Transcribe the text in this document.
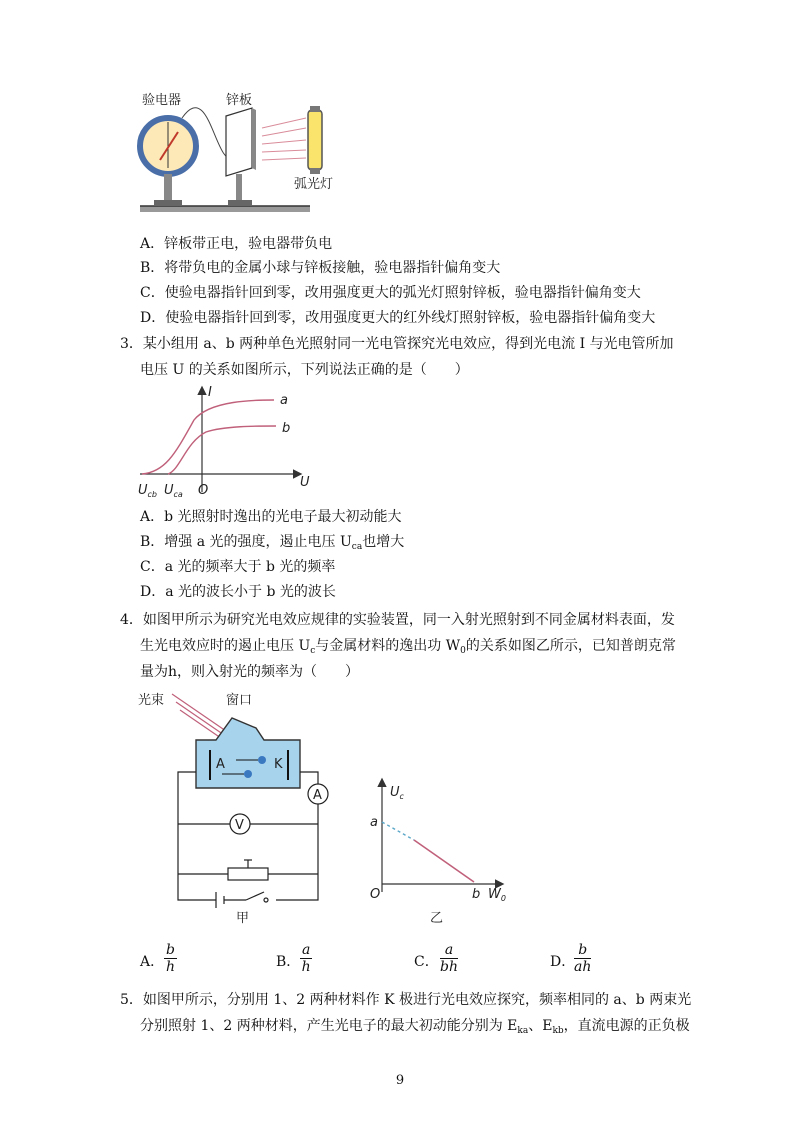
验电器	锌板
弧光灯
A．锌板带正电，验电器带负电
B．将带负电的金属小球与锌板接触，验电器指针偏角变大
C．使验电器指针回到零，改用强度更大的弧光灯照射锌板，验电器指针偏角变大
D．使验电器指针回到零，改用强度更大的红外线灯照射锌板，验电器指针偏角变大
3．某小组用 a、b 两种单色光照射同一光电管探究光电效应，得到光电流 I 与光电管所加
电压 U 的关系如图所示，下列说法正确的是（　　）
I
U
O
a
b
$U_{cb}$ $U_{ca}$
A．b 光照射时逸出的光电子最大初动能大
B．增强 a 光的强度，遏止电压 $U_{ca}$也增大
C．a 光的频率大于 b 光的频率
D．a 光的波长小于 b 光的波长
4．如图甲所示为研究光电效应规律的实验装置，同一入射光照射到不同金属材料表面，发
生光电效应时的遏止电压 $U_c$与金属材料的逸出功 $W_0$的关系如图乙所示，已知普朗克常
量为h，则入射光的频率为（　　）
光束	窗口
A	K
A
V
甲
$U_c$
a
O	b $W_0$
乙
A． $\frac{b}{h}$	B． $\frac{a}{h}$	C． $\frac{a}{bh}$	D．
$\frac{b}{ah}$
5．如图甲所示，分别用 1、2 两种材料作 K 极进行光电效应探究，频率相同的 a、b 两束光
分别照射 1、2 两种材料，产生光电子的最大初动能分别为 $E_{ka}$、$E_{kb}$，直流电源的正负极
9
